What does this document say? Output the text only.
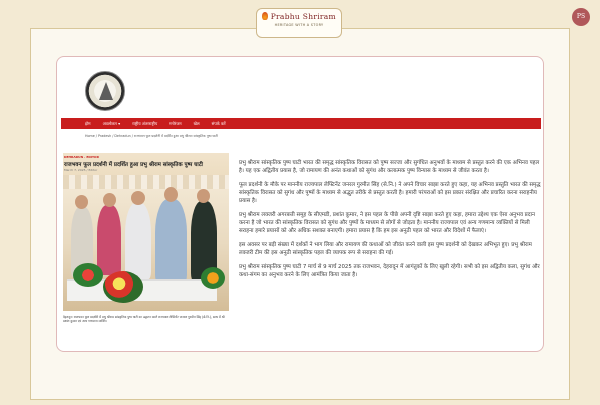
Prabhu Shriram
HERITAGE WITH A STORY
PS
होम	अवलोकन ▾	राष्ट्रीय अंतरराष्ट्रीय	मनोरंजन	खेल	संपर्क करें
Home / Pradesh / Dehradun / राजभवन फूल प्रदर्शनी में प्रदर्शित हुआ प्रभु श्रीराम सांस्कृतिक पुष्प घाटी
DEHRADUN · EDITOR
राजभवन फूल प्रदर्शनी में प्रदर्शित हुआ प्रभु श्रीराम सांस्कृतिक पुष्प घाटी
March 7, 2025 / Editor
देहरादून: राजभवन फूल प्रदर्शनी में प्रभु श्रीराम सांस्कृतिक पुष्प घाटी का उद्घाटन करते राज्यपाल लेफ्टिनेंट जनरल गुरमीत सिंह (से.नि.), साथ में श्री प्रशांत कुमार एवं अन्य गणमान्य व्यक्ति।

प्रभु श्रीराम सांस्कृतिक पुष्प घाटी भारत की समृद्ध सांस्कृतिक विरासत को पुष्प सज्जा और सुगंधित अनुभवों के माध्यम से प्रस्तुत करने की एक अभिनव पहल है। यह एक अद्वितीय प्रयास है, जो रामायण की अनंत कथाओं को सुगंध और कलात्मक पुष्प विन्यास के माध्यम से जीवंत करता है।

फूल प्रदर्शनी के मौके पर माननीय राज्यपाल लेफ्टिनेंट जनरल गुरमीत सिंह (से.नि.) ने अपने विचार साझा करते हुए कहा, यह अभिनव प्रस्तुति भारत की समृद्ध सांस्कृतिक विरासत को सुगंध और पुष्पों के माध्यम से अद्भुत तरीके से प्रस्तुत करती है। हमारी परंपराओं को इस प्रकार संरक्षित और प्रचारित करना सराहनीय प्रयास है।

प्रभु श्रीराम लक्जरी अगरबत्ती समूह के सीएमडी, प्रशांत कुमार, ने इस पहल के पीछे अपनी दृष्टि साझा करते हुए कहा, हमारा उद्देश्य एक ऐसा अनुभव प्रदान करना है जो भारत की सांस्कृतिक विरासत को सुगंध और पुष्पों के माध्यम से लोगों से जोड़ता है। माननीय राज्यपाल एवं अन्य गणमान्य व्यक्तियों से मिली सराहना हमारे प्रयासों को और अधिक सशक्त बनाएगी। हमारा प्रयास है कि हम इस अनूठी पहल को भारत और विदेशों में फैलाएं।

इस अवसर पर बड़ी संख्या में दर्शकों ने भाग लिया और रामायण की कथाओं को जीवंत करने वाली इस पुष्प प्रदर्शनी को देखकर अभिभूत हुए। प्रभु श्रीराम लक्जरी टीम की इस अनूठी सांस्कृतिक पहल की व्यापक रूप से सराहना की गई।

प्रभु श्रीराम सांस्कृतिक पुष्प घाटी 7 मार्च से 9 मार्च 2025 तक राजभवन, देहरादून में आगंतुकों के लिए खुली रहेगी। सभी को इस अद्वितीय कला, सुगंध और कथा-संगम का अनुभव करने के लिए आमंत्रित किया जाता है।
